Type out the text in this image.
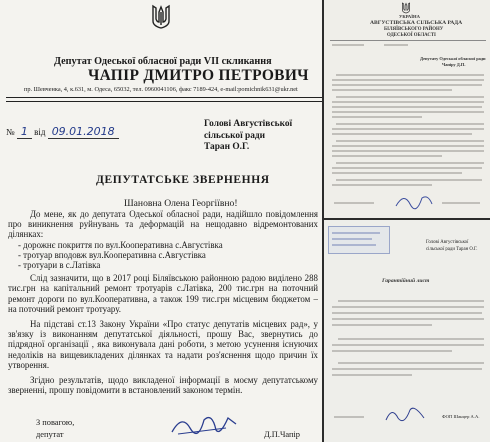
Депутат Одеської обласної ради VII скликання
ЧАПІР ДМИТРО ПЕТРОВИЧ
пр. Шевченка, 4, к.631, м. Одеса, 65032, тел. 0960041106, факс 7189-424, e-mail:pomichnik631@ukr.net
№ 1 від 09.01.2018
Голові Августівської
сільської ради
Таран О.Г.
ДЕПУТАТСЬКЕ ЗВЕРНЕННЯ
Шановна Олена Георгіївно!

До мене, як до депутата Одеської обласної ради, надійшло повідомлення про виникнення руйнувань та деформацій на нещодавно відремонтованих ділянках:

- дорожнє покриття по вул.Кооперативна с.Августівка

- тротуар вподовж вул.Кооперативна с.Августівка

- тротуари в с.Латівка

Слід зазначити, що в 2017 році Біляївською районною радою виділено 288 тис.грн на капітальний ремонт тротуарів с.Латівка, 200 тис.грн на поточний ремонт дороги по вул.Кооперативна, а також 199 тис.грн місцевим бюджетом – на поточний ремонт тротуару.

На підставі ст.13 Закону України «Про статус депутатів місцевих рад», у зв'язку із виконанням депутатської діяльності, прошу Вас, звернутись до підрядної організації , яка виконувала дані роботи, з метою усунення існуючих недоліків на вищевикладених ділянках та надати роз'яснення щодо причин їх утворення.

Згідно результатів, щодо викладеної інформації в моєму депутатському зверненні, прошу повідомити в встановлений законом термін.

З повагою,
депутат	Д.П.Чапір
УКРАЇНА
АВГУСТІВСЬКА СІЛЬСЬКА РАДА
БІЛЯЇВСЬКОГО РАЙОНУ
ОДЕСЬКОЇ ОБЛАСТІ
Депутату Одеської обласної ради
Чапіру Д.П.
Голові Августівської
сільської ради Таран О.Г.
Гарантійний лист
ФОП Шанцер А.А.
